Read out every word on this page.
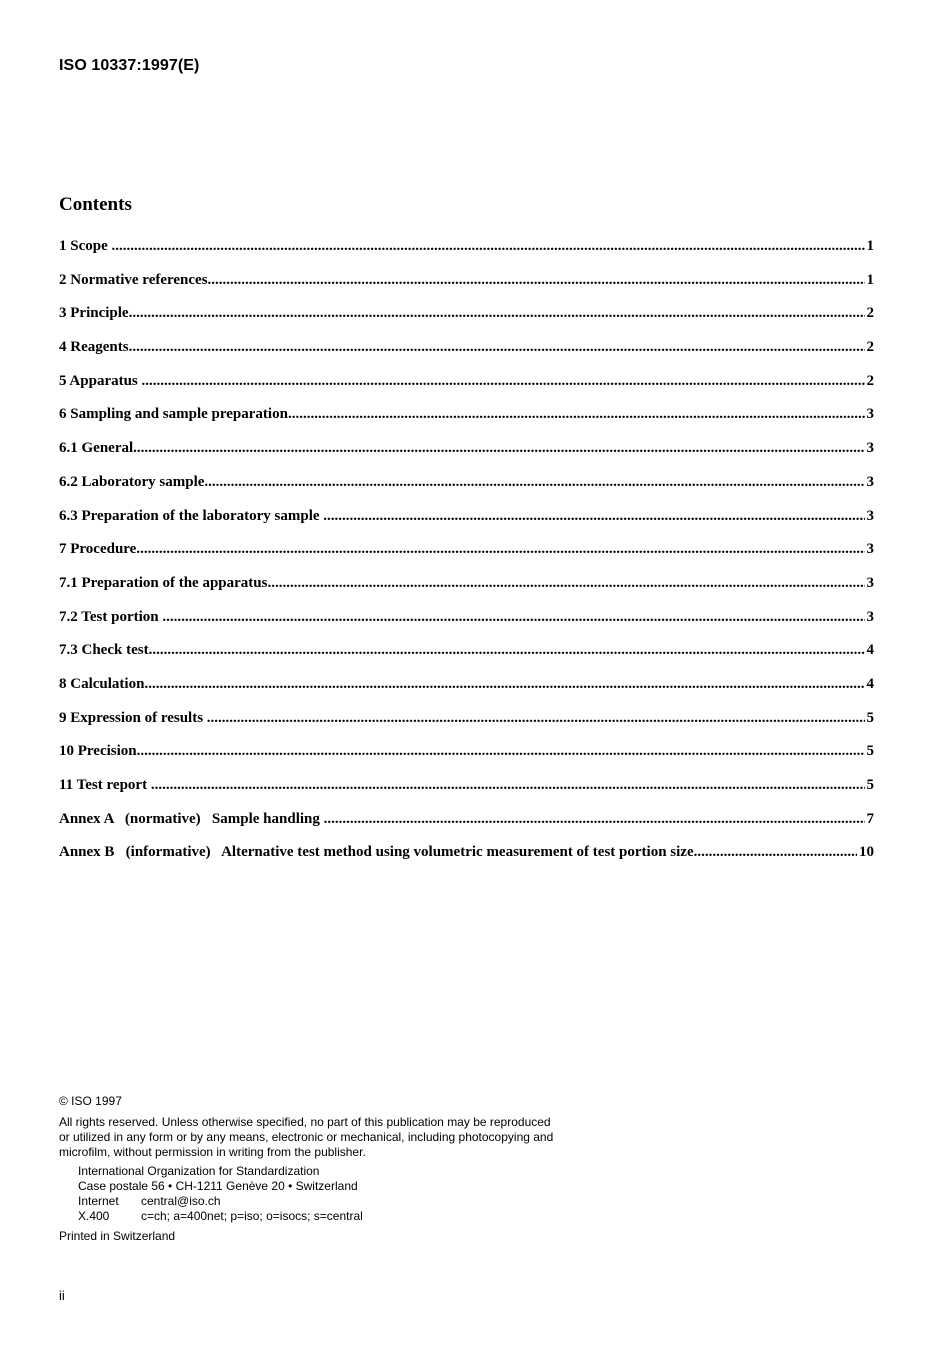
ISO 10337:1997(E)
Contents
1 Scope .....	1
2 Normative references .....	1
3 Principle .....	2
4 Reagents .....	2
5 Apparatus .....	2
6 Sampling and sample preparation .....	3
6.1 General .....	3
6.2 Laboratory sample .....	3
6.3 Preparation of the laboratory sample .....	3
7 Procedure .....	3
7.1 Preparation of the apparatus .....	3
7.2 Test portion .....	3
7.3 Check test .....	4
8 Calculation .....	4
9 Expression of results .....	5
10 Precision .....	5
11 Test report .....	5
Annex A   (normative)   Sample handling .....	7
Annex B   (informative)   Alternative test method using volumetric measurement of test portion size .....	10
© ISO 1997
All rights reserved. Unless otherwise specified, no part of this publication may be reproduced
or utilized in any form or by any means, electronic or mechanical, including photocopying and
microfilm, without permission in writing from the publisher.
International Organization for Standardization
Case postale 56 • CH-1211 Genève 20 • Switzerland
Internet	central@iso.ch
X.400	c=ch; a=400net; p=iso; o=isocs; s=central
Printed in Switzerland
ii
